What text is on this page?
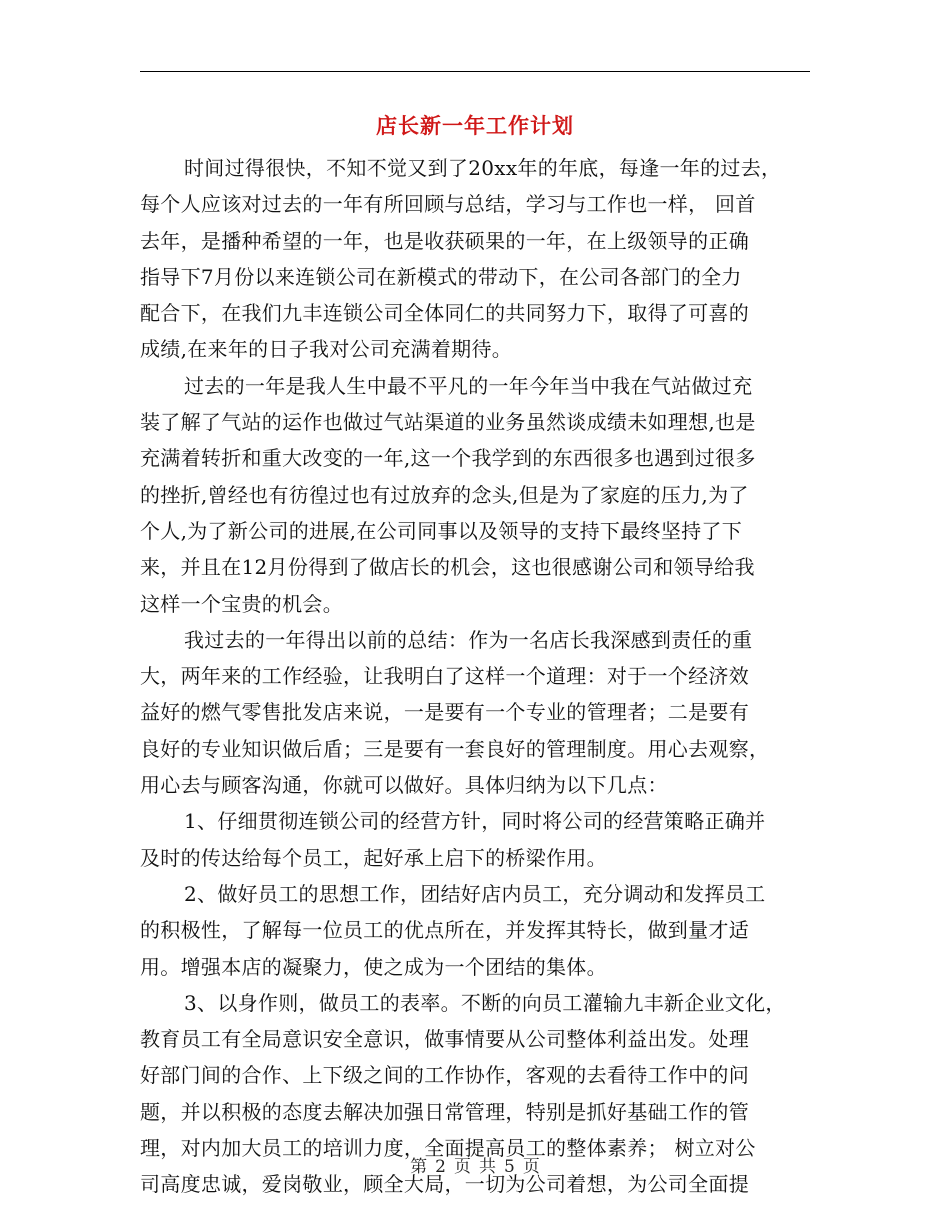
店长新一年工作计划
时间过得很快，不知不觉又到了20xx年的年底，每逢一年的过去，
每个人应该对过去的一年有所回顾与总结，学习与工作也一样， 回首
去年，是播种希望的一年，也是收获硕果的一年，在上级领导的正确
指导下7月份以来连锁公司在新模式的带动下，在公司各部门的全力
配合下，在我们九丰连锁公司全体同仁的共同努力下，取得了可喜的
成绩,在来年的日子我对公司充满着期待。
过去的一年是我人生中最不平凡的一年今年当中我在气站做过充
装了解了气站的运作也做过气站渠道的业务虽然谈成绩未如理想,也是
充满着转折和重大改变的一年,这一个我学到的东西很多也遇到过很多
的挫折,曾经也有彷徨过也有过放弃的念头,但是为了家庭的压力,为了
个人,为了新公司的进展,在公司同事以及领导的支持下最终坚持了下
来，并且在12月份得到了做店长的机会，这也很感谢公司和领导给我
这样一个宝贵的机会。
我过去的一年得出以前的总结：作为一名店长我深感到责任的重
大，两年来的工作经验，让我明白了这样一个道理：对于一个经济效
益好的燃气零售批发店来说，一是要有一个专业的管理者；二是要有
良好的专业知识做后盾；三是要有一套良好的管理制度。用心去观察，
用心去与顾客沟通，你就可以做好。具体归纳为以下几点：
1、仔细贯彻连锁公司的经营方针，同时将公司的经营策略正确并
及时的传达给每个员工，起好承上启下的桥梁作用。
2、做好员工的思想工作，团结好店内员工，充分调动和发挥员工
的积极性，了解每一位员工的优点所在，并发挥其特长，做到量才适
用。增强本店的凝聚力，使之成为一个团结的集体。
3、以身作则，做员工的表率。不断的向员工灌输九丰新企业文化，
教育员工有全局意识安全意识，做事情要从公司整体利益出发。处理
好部门间的合作、上下级之间的工作协作，客观的去看待工作中的问
题，并以积极的态度去解决加强日常管理，特别是抓好基础工作的管
理，对内加大员工的培训力度，全面提高员工的整体素养； 树立对公
司高度忠诚，爱岗敬业，顾全大局，一切为公司着想，为公司全面提
第 2 页 共 5 页
